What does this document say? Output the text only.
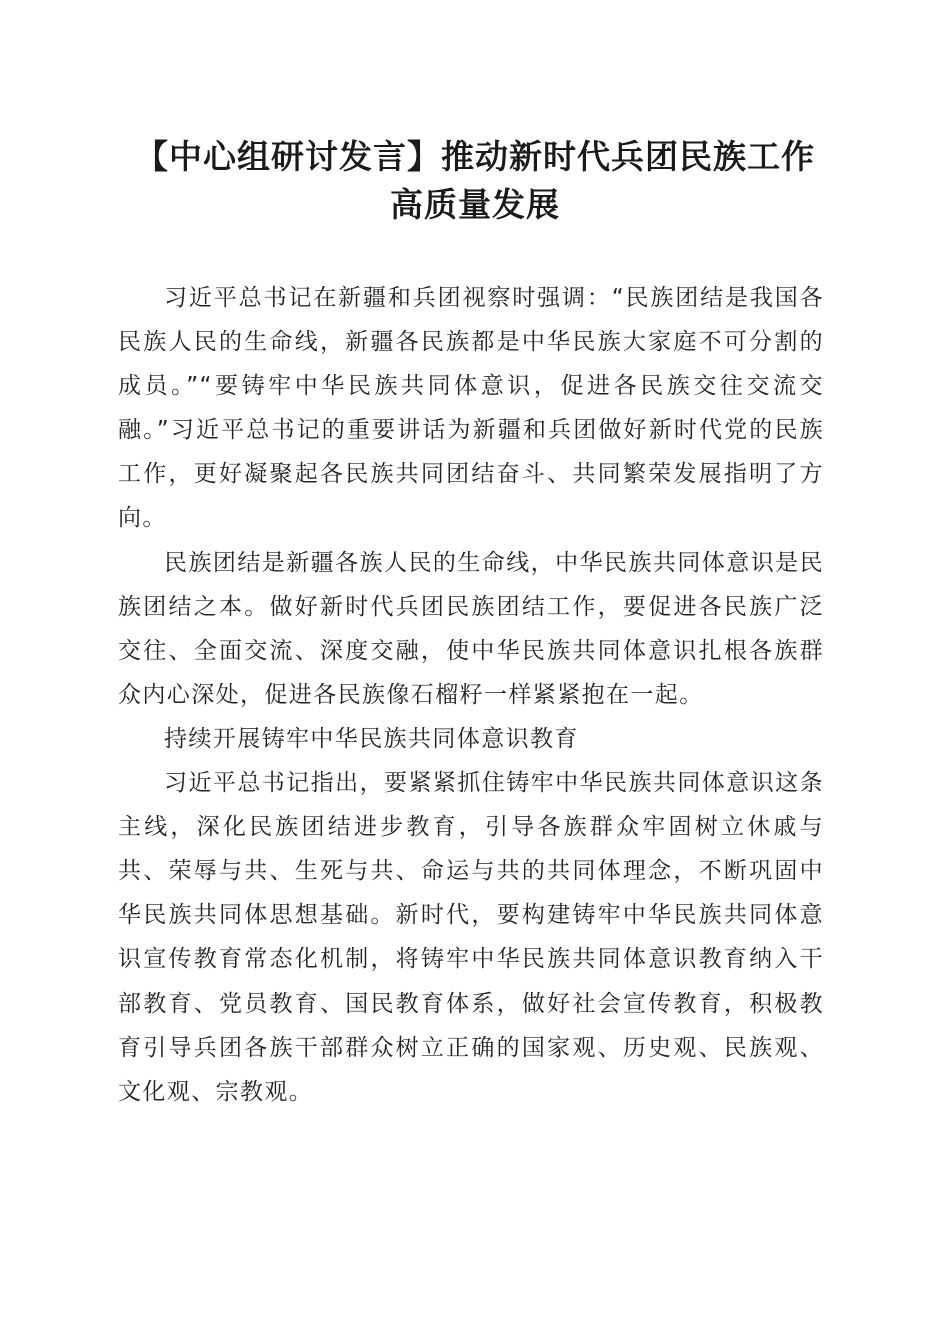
【中心组研讨发言】推动新时代兵团民族工作
高质量发展

习近平总书记在新疆和兵团视察时强调：“民族团结是我国各民族人民的生命线，新疆各民族都是中华民族大家庭不可分割的成员。”“要铸牢中华民族共同体意识，促进各民族交往交流交融。”习近平总书记的重要讲话为新疆和兵团做好新时代党的民族工作，更好凝聚起各民族共同团结奋斗、共同繁荣发展指明了方向。

民族团结是新疆各族人民的生命线，中华民族共同体意识是民族团结之本。做好新时代兵团民族团结工作，要促进各民族广泛交往、全面交流、深度交融，使中华民族共同体意识扎根各族群众内心深处，促进各民族像石榴籽一样紧紧抱在一起。

持续开展铸牢中华民族共同体意识教育

习近平总书记指出，要紧紧抓住铸牢中华民族共同体意识这条主线，深化民族团结进步教育，引导各族群众牢固树立休戚与共、荣辱与共、生死与共、命运与共的共同体理念，不断巩固中华民族共同体思想基础。新时代，要构建铸牢中华民族共同体意识宣传教育常态化机制，将铸牢中华民族共同体意识教育纳入干部教育、党员教育、国民教育体系，做好社会宣传教育，积极教育引导兵团各族干部群众树立正确的国家观、历史观、民族观、文化观、宗教观。
